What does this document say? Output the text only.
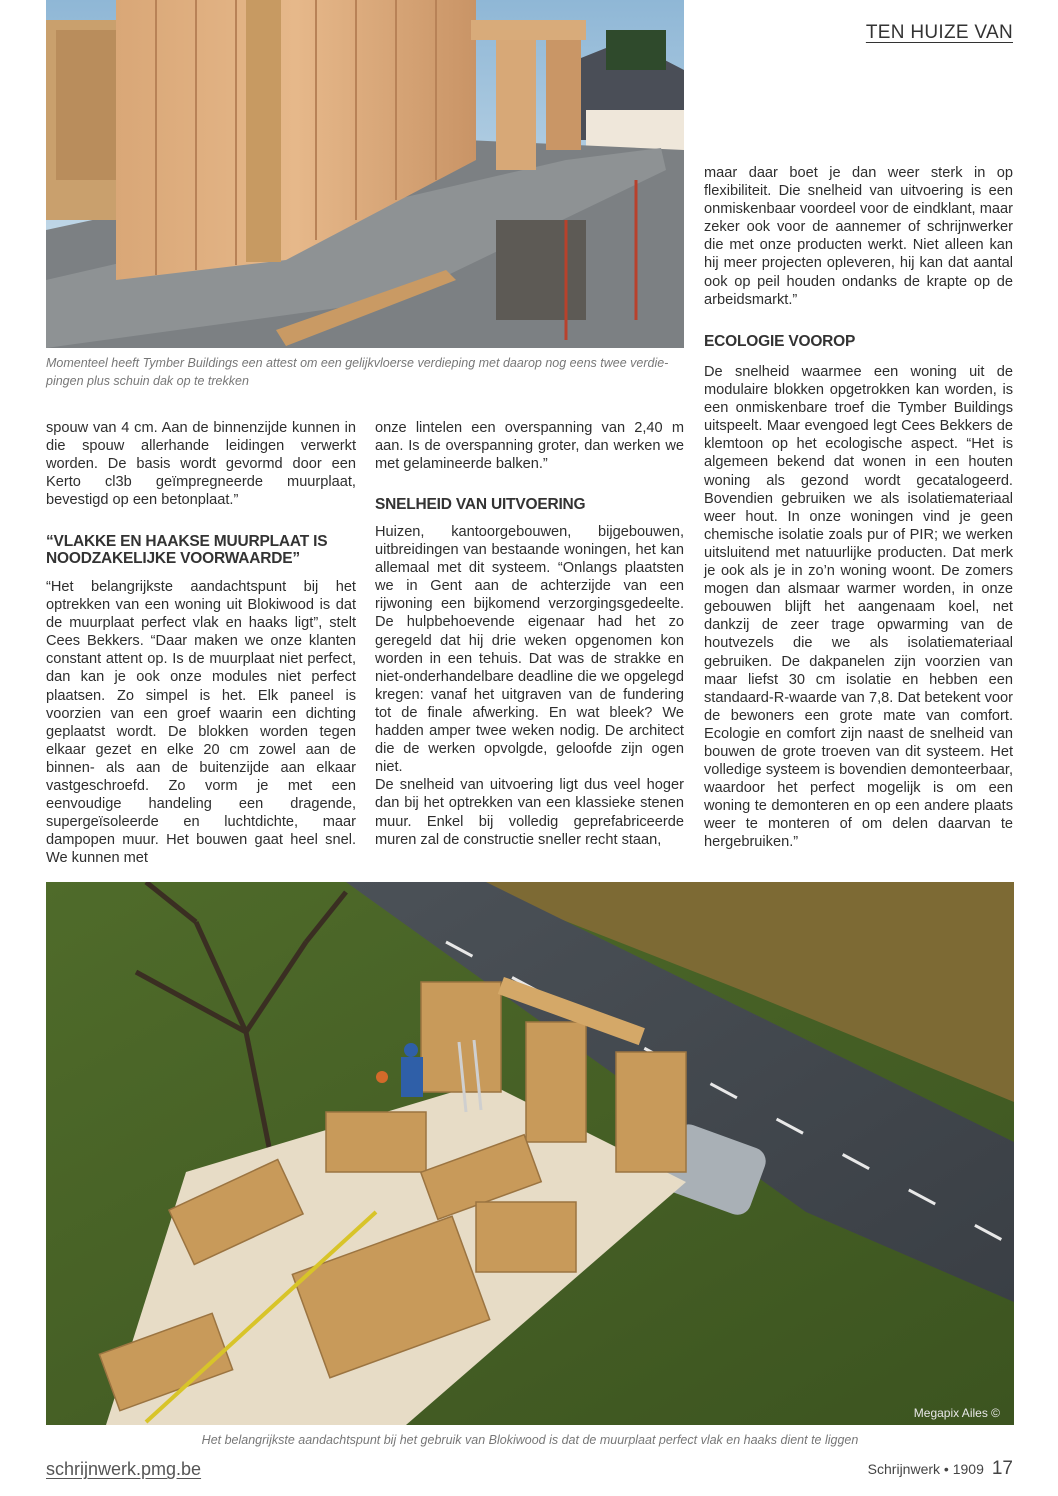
TEN HUIZE VAN
Momenteel heeft Tymber Buildings een attest om een gelijkvloerse verdieping met daarop nog eens twee verdie-pingen plus schuin dak op te trekken

spouw van 4 cm. Aan de binnenzijde kunnen in die spouw allerhande leidingen verwerkt worden. De basis wordt gevormd door een Kerto cl3b geïmpregneerde muurplaat, bevestigd op een betonplaat.”

“VLAKKE EN HAAKSE MUURPLAAT IS NOODZAKELIJKE VOORWAARDE”

“Het belangrijkste aandachtspunt bij het optrekken van een woning uit Blokiwood is dat de muurplaat perfect vlak en haaks ligt”, stelt Cees Bekkers. “Daar maken we onze klanten constant attent op. Is de muurplaat niet perfect, dan kan je ook onze modules niet perfect plaatsen. Zo simpel is het. Elk paneel is voorzien van een groef waarin een dichting geplaatst wordt. De blokken worden tegen elkaar gezet en elke 20 cm zowel aan de binnen- als aan de buitenzijde aan elkaar vastgeschroefd. Zo vorm je met een eenvoudige handeling een dragende, supergeïsoleerde en luchtdichte, maar dampopen muur. Het bouwen gaat heel snel. We kunnen met

onze lintelen een overspanning van 2,40 m aan. Is de overspanning groter, dan werken we met gelamineerde balken.”

SNELHEID VAN UITVOERING

Huizen, kantoorgebouwen, bijgebouwen, uitbreidingen van bestaande woningen, het kan allemaal met dit systeem. “Onlangs plaatsten we in Gent aan de achterzijde van een rijwoning een bijkomend verzorgingsgedeelte. De hulpbehoevende eigenaar had het zo geregeld dat hij drie weken opgenomen kon worden in een tehuis. Dat was de strakke en niet-onderhandelbare deadline die we opgelegd kregen: vanaf het uitgraven van de fundering tot de finale afwerking. En wat bleek? We hadden amper twee weken nodig. De architect die de werken opvolgde, geloofde zijn ogen niet.

De snelheid van uitvoering ligt dus veel hoger dan bij het optrekken van een klassieke stenen muur. Enkel bij volledig geprefabriceerde muren zal de constructie sneller recht staan,

maar daar boet je dan weer sterk in op flexibiliteit. Die snelheid van uitvoering is een onmiskenbaar voordeel voor de eindklant, maar zeker ook voor de aannemer of schrijnwerker die met onze producten werkt. Niet alleen kan hij meer projecten opleveren, hij kan dat aantal ook op peil houden ondanks de krapte op de arbeidsmarkt.”

ECOLOGIE VOOROP

De snelheid waarmee een woning uit de modulaire blokken opgetrokken kan worden, is een onmiskenbare troef die Tymber Buildings uitspeelt. Maar evengoed legt Cees Bekkers de klemtoon op het ecologische aspect. “Het is algemeen bekend dat wonen in een houten woning als gezond wordt gecatalogeerd. Bovendien gebruiken we als isolatiemateriaal weer hout. In onze woningen vind je geen chemische isolatie zoals pur of PIR; we werken uitsluitend met natuurlijke producten. Dat merk je ook als je in zo’n woning woont. De zomers mogen dan alsmaar warmer worden, in onze gebouwen blijft het aangenaam koel, net dankzij de zeer trage opwarming van de houtvezels die we als isolatiemateriaal gebruiken. De dakpanelen zijn voorzien van maar liefst 30 cm isolatie en hebben een standaard-R-waarde van 7,8. Dat betekent voor de bewoners een grote mate van comfort. Ecologie en comfort zijn naast de snelheid van bouwen de grote troeven van dit systeem. Het volledige systeem is bovendien demonteerbaar, waardoor het perfect mogelijk is om een woning te demonteren en op een andere plaats weer te monteren of om delen daarvan te hergebruiken.”

Megapix Ailes ©
Het belangrijkste aandachtspunt bij het gebruik van Blokiwood is dat de muurplaat perfect vlak en haaks dient te liggen
schrijnwerk.pmg.be	Schrijnwerk • 1909 17
